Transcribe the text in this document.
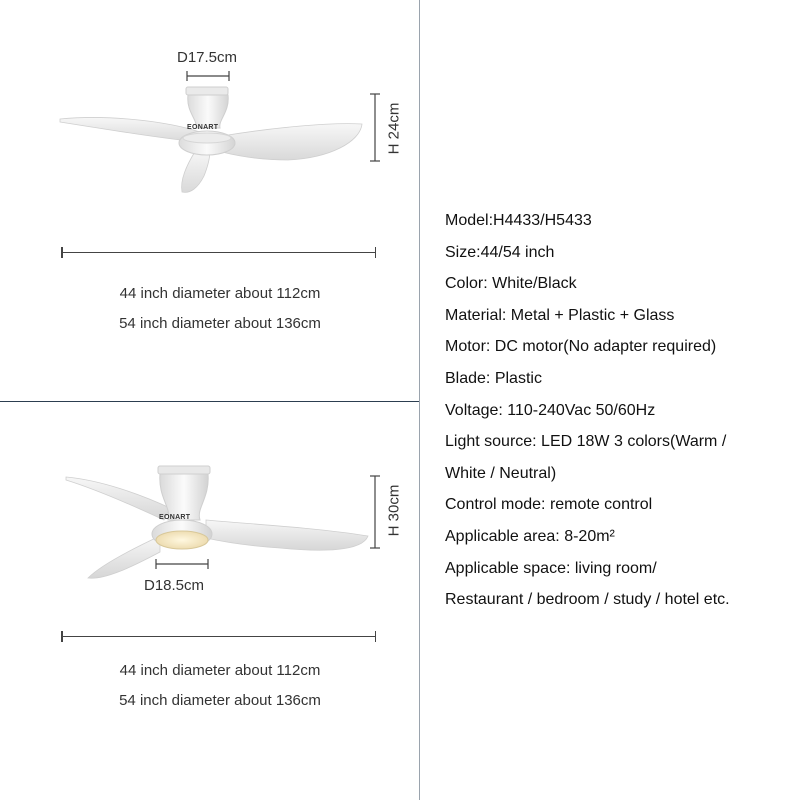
D17.5cm
EONART	H 24cm
44 inch diameter about 112cm
54 inch diameter about 136cm
EONART
D18.5cm
H 30cm
44 inch diameter about 112cm
54 inch diameter about 136cm
Model:H4433/H5433
Size:44/54 inch
Color: White/Black
Material: Metal + Plastic + Glass
Motor: DC motor(No adapter required)
Blade: Plastic
Voltage: 110-240Vac 50/60Hz
Light source: LED 18W 3 colors(Warm /
White / Neutral)
Control mode: remote control
Applicable area: 8-20m²
Applicable space: living room/
Restaurant / bedroom / study / hotel etc.
